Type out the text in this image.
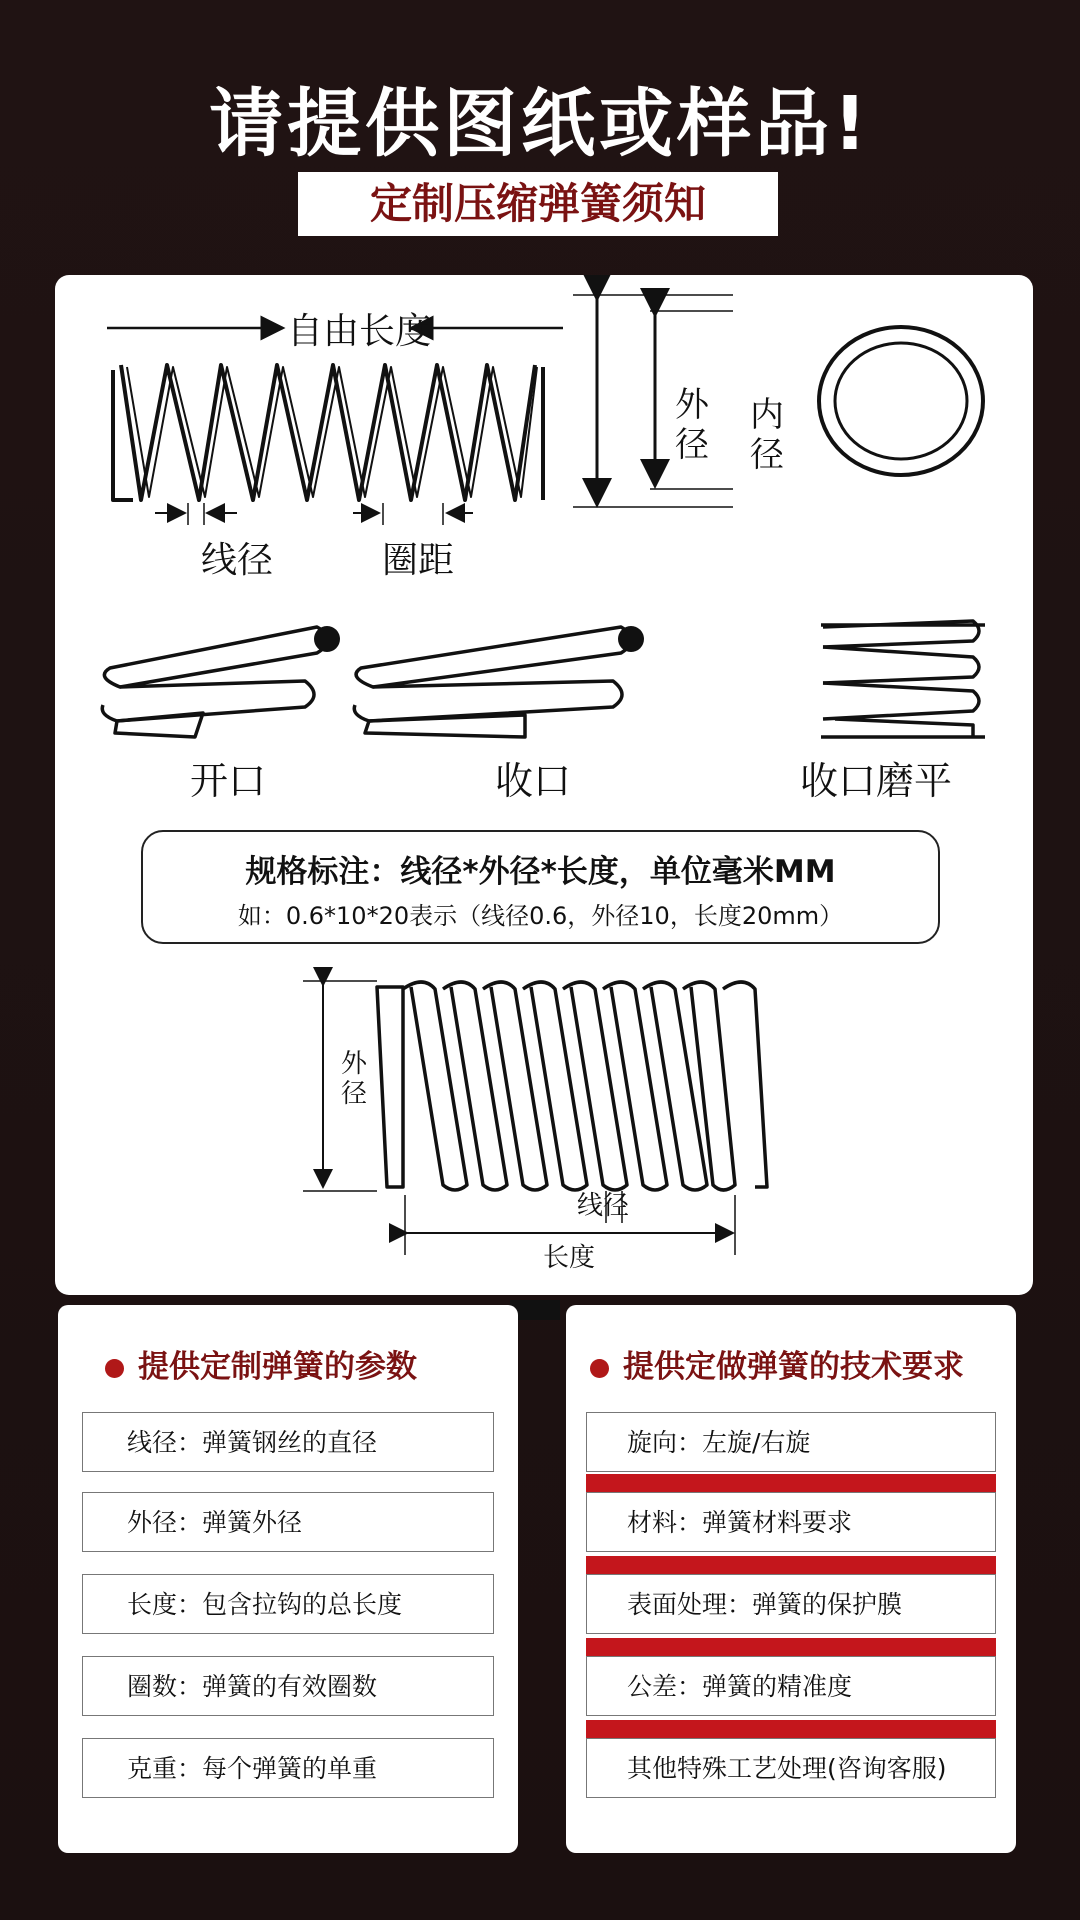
请提供图纸或样品!
定制压缩弹簧须知
自由长度
线径	圈距
外径
内径
开口	收口	收口磨平
规格标注：线径*外径*长度，单位毫米MM
如：0.6*10*20表示（线径0.6，外径10，长度20mm）
外径
线径
长度
提供定制弹簧的参数
线径：弹簧钢丝的直径
外径：弹簧外径
长度：包含拉钩的总长度
圈数：弹簧的有效圈数
克重：每个弹簧的单重
提供定做弹簧的技术要求
旋向：左旋/右旋
材料：弹簧材料要求
表面处理：弹簧的保护膜
公差：弹簧的精准度
其他特殊工艺处理(咨询客服)
